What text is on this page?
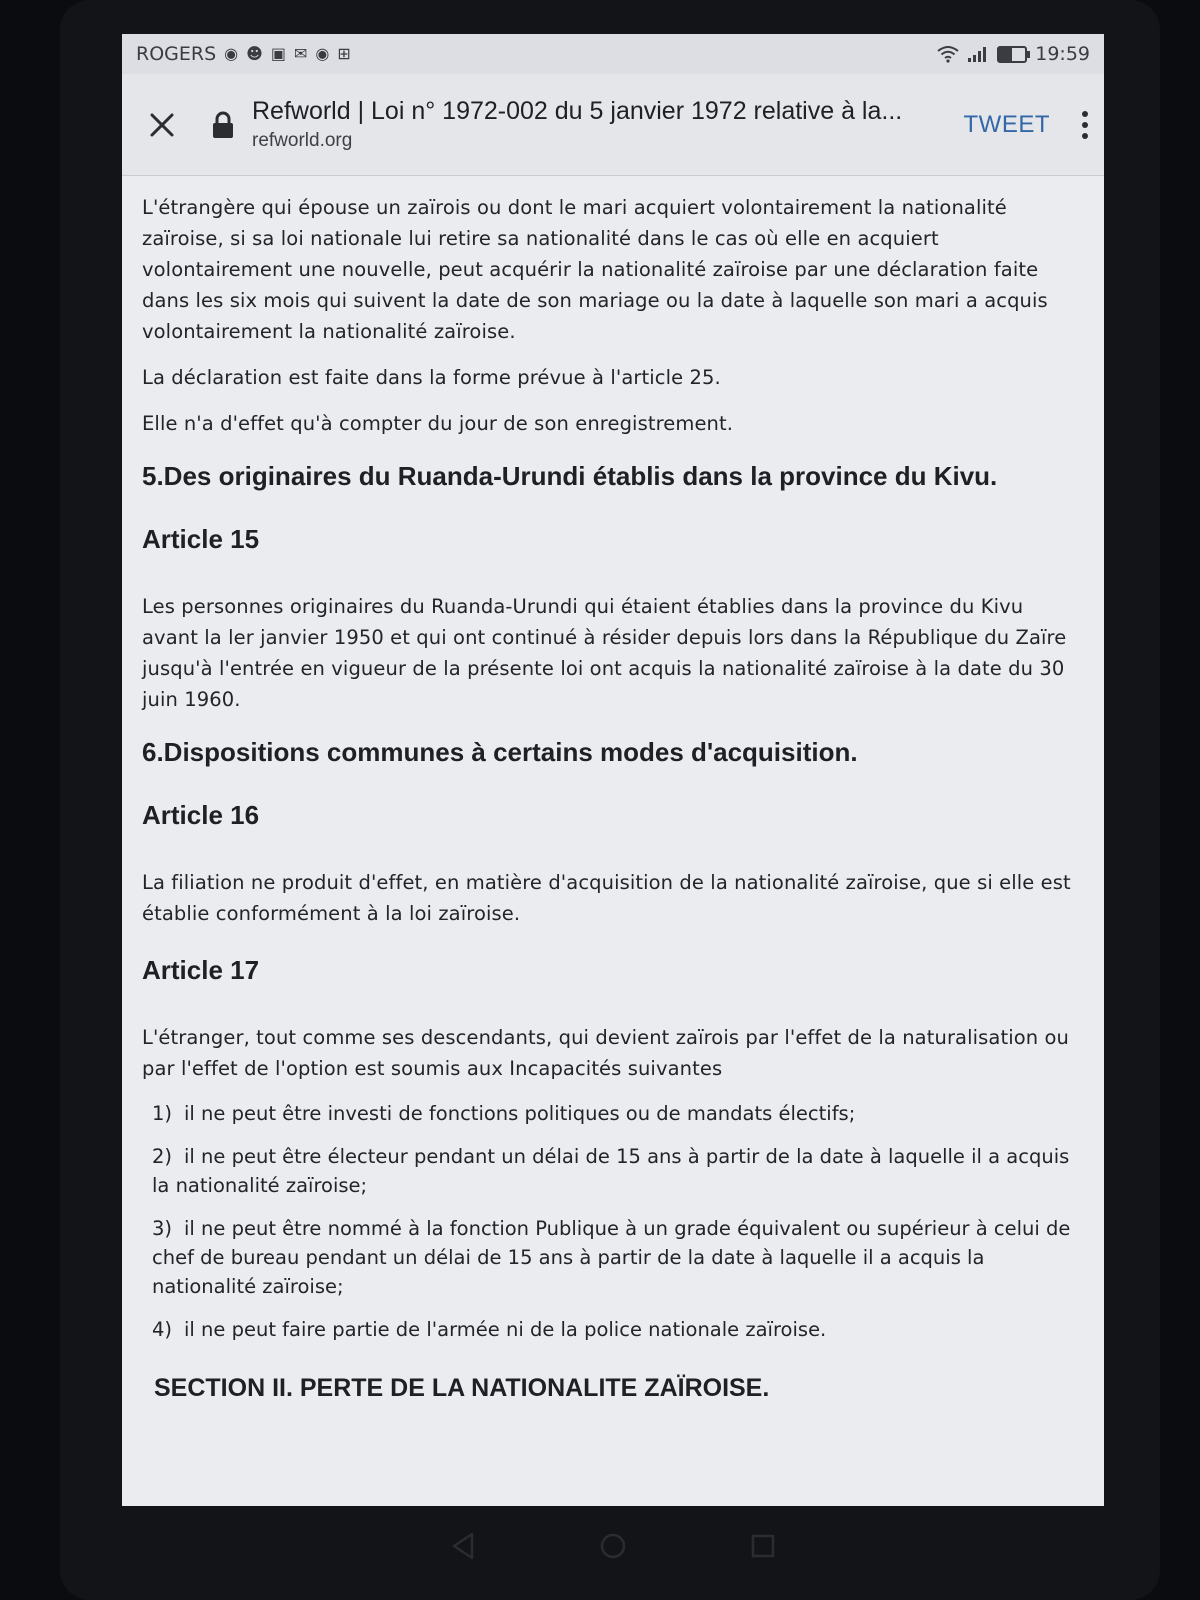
ROGERS ◉ ☻ ▣ ✉ ◉ ⊞	19:59
Refworld | Loi n° 1972-002 du 5 janvier 1972 relative à la...
refworld.org
TWEET

L'étrangère qui épouse un zaïrois ou dont le mari acquiert volontairement la nationalité zaïroise, si sa loi nationale lui retire sa nationalité dans le cas où elle en acquiert volontairement une nouvelle, peut acquérir la nationalité zaïroise par une déclaration faite dans les six mois qui suivent la date de son mariage ou la date à laquelle son mari a acquis volontairement la nationalité zaïroise.

La déclaration est faite dans la forme prévue à l'article 25.

Elle n'a d'effet qu'à compter du jour de son enregistrement.

5.Des originaires du Ruanda-Urundi établis dans la province du Kivu.
Article 15

Les personnes originaires du Ruanda-Urundi qui étaient établies dans la province du Kivu avant la ler janvier 1950 et qui ont continué à résider depuis lors dans la République du Zaïre jusqu'à l'entrée en vigueur de la présente loi ont acquis la nationalité zaïroise à la date du 30 juin 1960.

6.Dispositions communes à certains modes d'acquisition.
Article 16

La filiation ne produit d'effet, en matière d'acquisition de la nationalité zaïroise, que si elle est établie conformément à la loi zaïroise.

Article 17

L'étranger, tout comme ses descendants, qui devient zaïrois par l'effet de la naturalisation ou par l'effet de l'option est soumis aux Incapacités suivantes

1) il ne peut être investi de fonctions politiques ou de mandats électifs;
2) il ne peut être électeur pendant un délai de 15 ans à partir de la date à laquelle il a acquis la nationalité zaïroise;
3) il ne peut être nommé à la fonction Publique à un grade équivalent ou supérieur à celui de chef de bureau pendant un délai de 15 ans à partir de la date à laquelle il a acquis la nationalité zaïroise;
4) il ne peut faire partie de l'armée ni de la police nationale zaïroise.
SECTION II. PERTE DE LA NATIONALITE ZAÏROISE.
